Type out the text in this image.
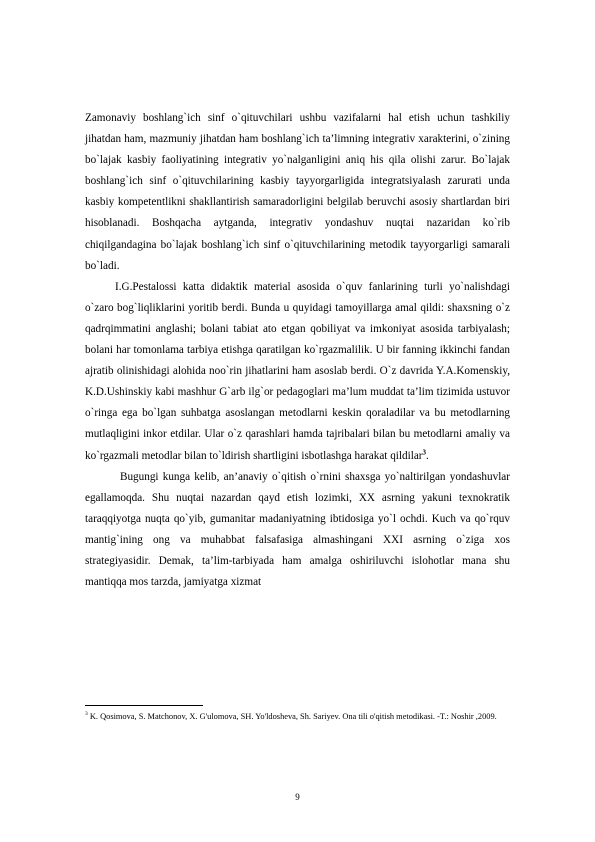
Zamonaviy boshlang`ich sinf o`qituvchilari ushbu vazifalarni hal etish uchun tashkiliy jihatdan ham, mazmuniy jihatdan ham boshlang`ich ta’limning integrativ xarakterini, o`zining bo`lajak kasbiy faoliyatining integrativ yo`nalganligini aniq his qila olishi zarur. Bo`lajak boshlang`ich sinf o`qituvchilarining kasbiy tayyorgarligida integratsiyalash zarurati unda kasbiy kompetentlikni shakllantirish samaradorligini belgilab beruvchi asosiy shartlardan biri hisoblanadi. Boshqacha aytganda, integrativ yondashuv nuqtai nazaridan ko`rib chiqilgandagina bo`lajak boshlang`ich sinf o`qituvchilarining metodik tayyorgarligi samarali bo`ladi.

I.G.Pestalossi katta didaktik material asosida o`quv fanlarining turli yo`nalishdagi o`zaro bog`liqliklarini yoritib berdi. Bunda u quyidagi tamoyillarga amal qildi: shaxsning o`z qadrqimmatini anglashi; bolani tabiat ato etgan qobiliyat va imkoniyat asosida tarbiyalash; bolani har tomonlama tarbiya etishga qaratilgan ko`rgazmalilik. U bir fanning ikkinchi fandan ajratib olinishidagi alohida noo`rin jihatlarini ham asoslab berdi. O`z davrida Y.A.Komenskiy, K.D.Ushinskiy kabi mashhur G`arb ilg`or pedagoglari ma’lum muddat ta’lim tizimida ustuvor o`ringa ega bo`lgan suhbatga asoslangan metodlarni keskin qoraladilar va bu metodlarning mutlaqligini inkor etdilar. Ular o`z qarashlari hamda tajribalari bilan bu metodlarni amaliy va ko`rgazmali metodlar bilan to`ldirish shartligini isbotlashga harakat qildilar$^3$.

Bugungi kunga kelib, an’anaviy o`qitish o`rnini shaxsga yo`naltirilgan yondashuvlar egallamoqda. Shu nuqtai nazardan qayd etish lozimki, XX asrning yakuni texnokratik taraqqiyotga nuqta qo`yib, gumanitar madaniyatning ibtidosiga yo`l ochdi. Kuch va qo`rquv mantig`ining ong va muhabbat falsafasiga almashingani XXI asrning o`ziga xos strategiyasidir. Demak, ta’lim-tarbiyada ham amalga oshiriluvchi islohotlar mana shu mantiqqa mos tarzda, jamiyatga xizmat

$^3$ K. Qosimova, S. Matchonov, X. G'ulomova, SH. Yo'ldosheva, Sh. Sariyev. Ona tili o'qitish metodikasi. -T.: Noshir ,2009.
9
